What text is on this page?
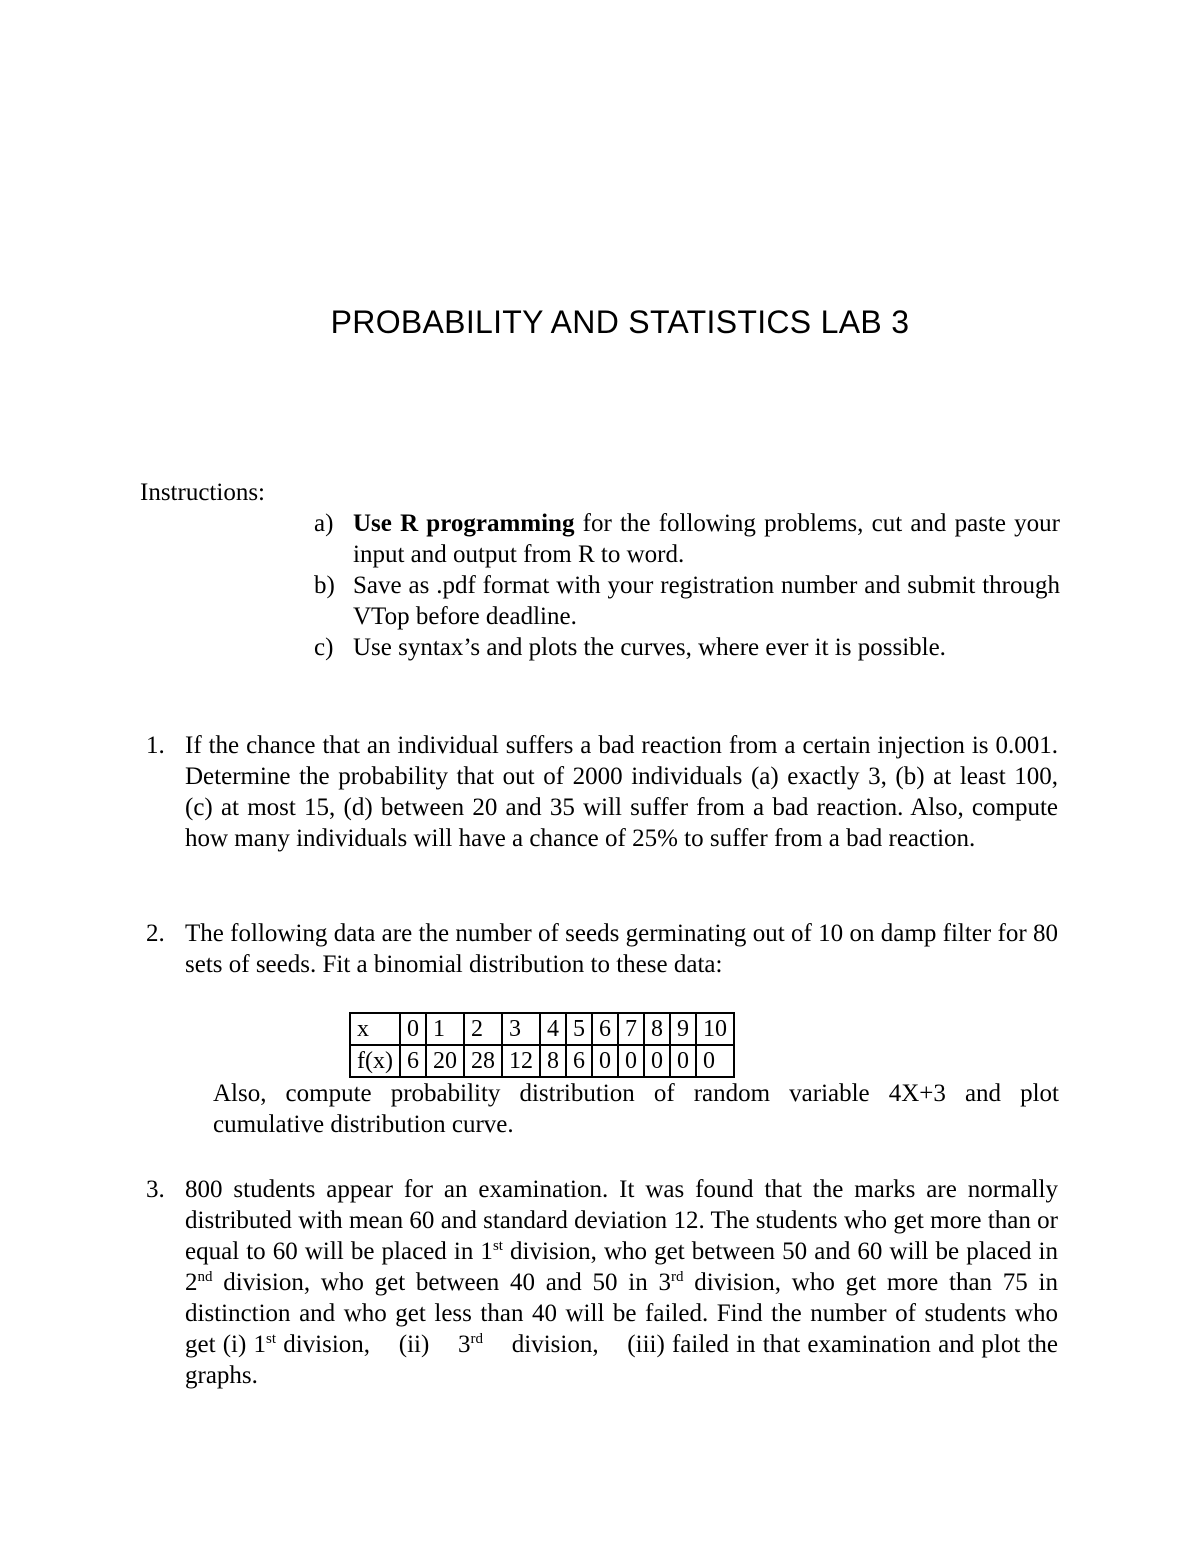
PROBABILITY AND STATISTICS LAB 3
Instructions:
a) Use R programming for the following problems, cut and paste your input and output from R to word.
b) Save as .pdf format with your registration number and submit through VTop before deadline.
c) Use syntax’s and plots the curves, where ever it is possible.
1. If the chance that an individual suffers a bad reaction from a certain injection is 0.001. Determine the probability that out of 2000 individuals (a) exactly 3, (b) at least 100, (c) at most 15, (d) between 20 and 35 will suffer from a bad reaction. Also, compute how many individuals will have a chance of 25% to suffer from a bad reaction.
2. The following data are the number of seeds germinating out of 10 on damp filter for 80 sets of seeds. Fit a binomial distribution to these data:
x	0	1	2	3	4	5	6	7	8	9	10
f(x)	6	20	28	12	8	6	0	0	0	0	0
Also, compute probability distribution of random variable 4X+3 and plot cumulative distribution curve.
3. 800 students appear for an examination. It was found that the marks are normally distributed with mean 60 and standard deviation 12. The students who get more than or equal to 60 will be placed in 1st division, who get between 50 and 60 will be placed in 2nd division, who get between 40 and 50 in 3rd division, who get more than 75 in distinction and who get less than 40 will be failed. Find the number of students who get (i) 1st division,    (ii)    3rd    division,    (iii) failed in that examination and plot the graphs.
